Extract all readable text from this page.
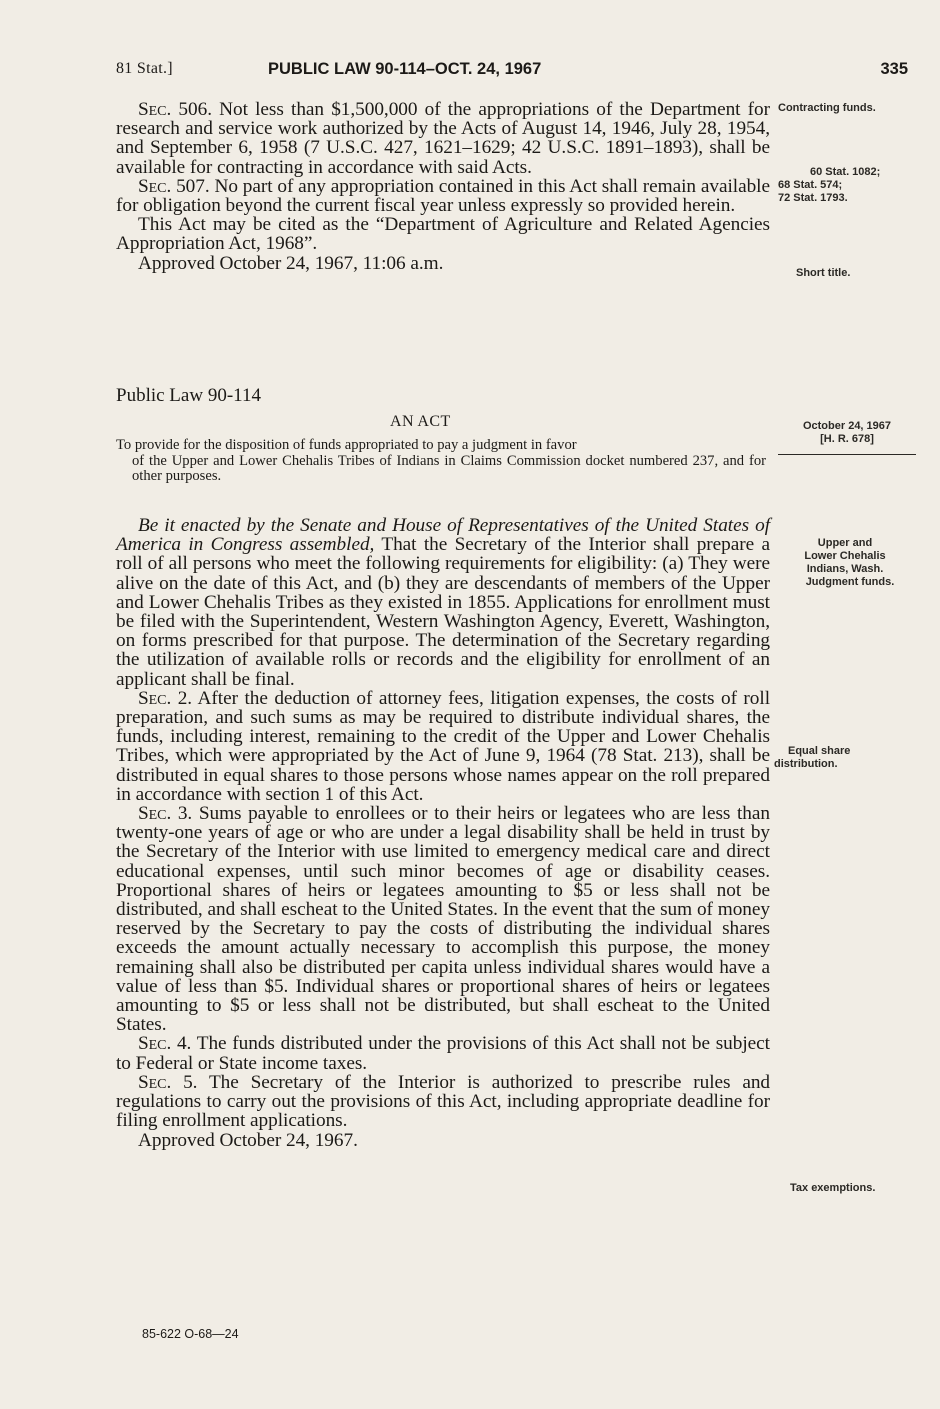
81 Stat.]	PUBLIC LAW 90-114–OCT. 24, 1967	335

Sec. 506. Not less than $1,500,000 of the appropriations of the Department for research and service work authorized by the Acts of August 14, 1946, July 28, 1954, and September 6, 1958 (7 U.S.C. 427, 1621–1629; 42 U.S.C. 1891–1893), shall be available for contracting in accordance with said Acts.

Sec. 507. No part of any appropriation contained in this Act shall remain available for obligation beyond the current fiscal year unless expressly so provided herein.

This Act may be cited as the “Department of Agriculture and Related Agencies Appropriation Act, 1968”.

Approved October 24, 1967, 11:06 a.m.

Public Law 90-114
AN ACT

To provide for the disposition of funds appropriated to pay a judgment in favor
of the Upper and Lower Chehalis Tribes of Indians in Claims Commission docket numbered 237, and for other purposes.

Be it enacted by the Senate and House of Representatives of the United States of America in Congress assembled, That the Secretary of the Interior shall prepare a roll of all persons who meet the following requirements for eligibility: (a) They were alive on the date of this Act, and (b) they are descendants of members of the Upper and Lower Chehalis Tribes as they existed in 1855. Applications for enrollment must be filed with the Superintendent, Western Washington Agency, Everett, Washington, on forms prescribed for that purpose. The determination of the Secretary regarding the utilization of available rolls or records and the eligibility for enrollment of an applicant shall be final.

Sec. 2. After the deduction of attorney fees, litigation expenses, the costs of roll preparation, and such sums as may be required to distribute individual shares, the funds, including interest, remaining to the credit of the Upper and Lower Chehalis Tribes, which were appropriated by the Act of June 9, 1964 (78 Stat. 213), shall be distributed in equal shares to those persons whose names appear on the roll prepared in accordance with section 1 of this Act.

Sec. 3. Sums payable to enrollees or to their heirs or legatees who are less than twenty-one years of age or who are under a legal disability shall be held in trust by the Secretary of the Interior with use limited to emergency medical care and direct educational expenses, until such minor becomes of age or disability ceases. Proportional shares of heirs or legatees amounting to $5 or less shall not be distributed, and shall escheat to the United States. In the event that the sum of money reserved by the Secretary to pay the costs of distributing the individual shares exceeds the amount actually necessary to accomplish this purpose, the money remaining shall also be distributed per capita unless individual shares would have a value of less than $5. Individual shares or proportional shares of heirs or legatees amounting to $5 or less shall not be distributed, but shall escheat to the United States.

Sec. 4. The funds distributed under the provisions of this Act shall not be subject to Federal or State income taxes.

Sec. 5. The Secretary of the Interior is authorized to prescribe rules and regulations to carry out the provisions of this Act, including appropriate deadline for filing enrollment applications.

Approved October 24, 1967.

Contracting funds.
60 Stat. 1082;
68 Stat. 574;
72 Stat. 1793.
Short title.
October 24, 1967
[H. R. 678]
Upper and
Lower Chehalis
Indians, Wash.
Judgment funds.
Equal share
distribution.
Tax exemptions.
85-622 O-68—24
